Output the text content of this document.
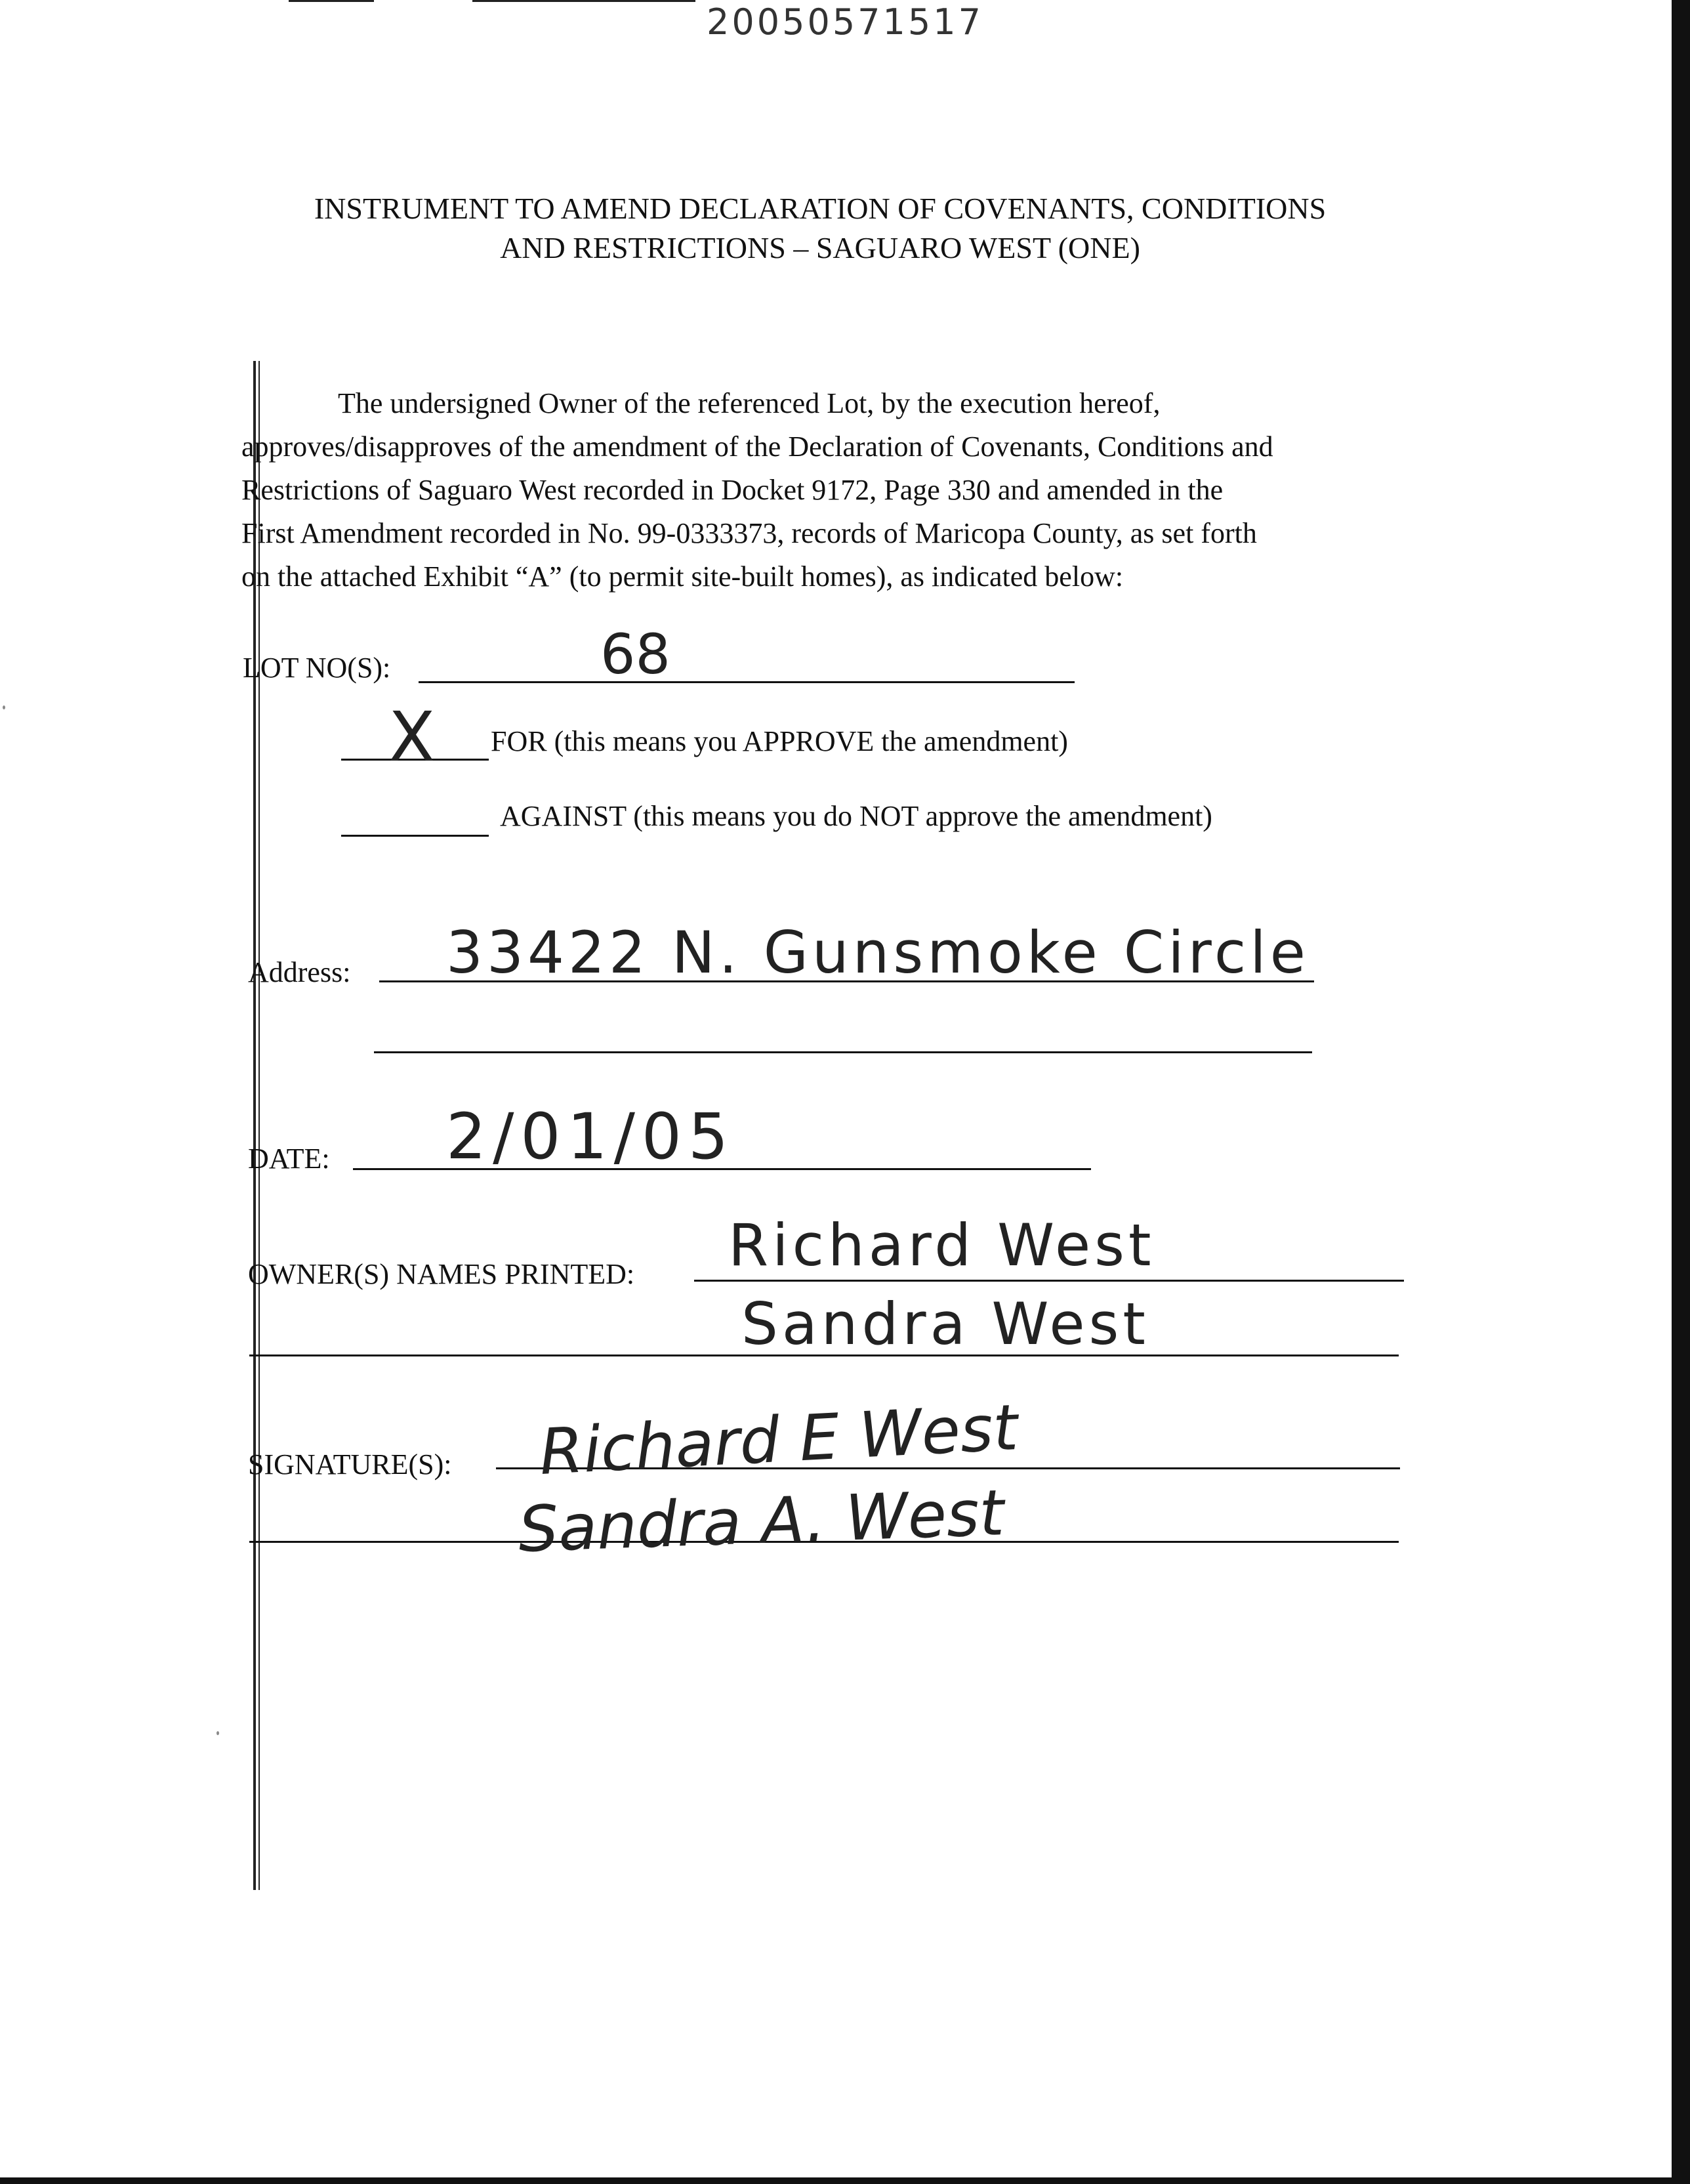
20050571517
INSTRUMENT TO AMEND DECLARATION OF COVENANTS, CONDITIONS
AND RESTRICTIONS – SAGUARO WEST (ONE)
The undersigned Owner of the referenced Lot, by the execution hereof,
approves/disapproves of the amendment of the Declaration of Covenants, Conditions and
Restrictions of Saguaro West recorded in Docket 9172, Page 330 and amended in the
First Amendment recorded in No. 99-0333373, records of Maricopa County, as set forth
on the attached Exhibit “A” (to permit site-built homes), as indicated below:
LOT NO(S):	68
X FOR (this means you APPROVE the amendment)
AGAINST (this means you do NOT approve the amendment)
Address: 33422 N. Gunsmoke Circle
DATE: 2/01/05
OWNER(S) NAMES PRINTED: Richard West
Sandra West
SIGNATURE(S): Richard E West
Sandra A. West
